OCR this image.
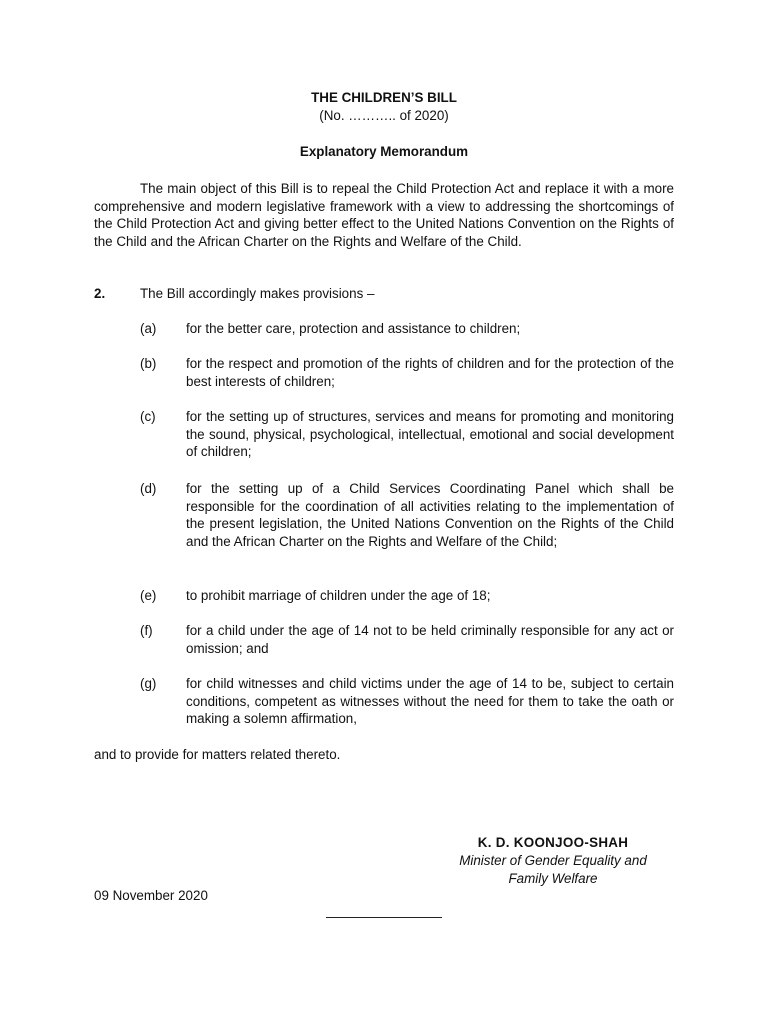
THE CHILDREN’S BILL
(No. ……….. of 2020)
Explanatory Memorandum
The main object of this Bill is to repeal the Child Protection Act and replace it with a more comprehensive and modern legislative framework with a view to addressing the shortcomings of the Child Protection Act and giving better effect to the United Nations Convention on the Rights of the Child and the African Charter on the Rights and Welfare of the Child.
2.	The Bill accordingly makes provisions –
(a) for the better care, protection and assistance to children;
(b) for the respect and promotion of the rights of children and for the protection of the best interests of children;
(c) for the setting up of structures, services and means for promoting and monitoring the sound, physical, psychological, intellectual, emotional and social development of children;
(d) for the setting up of a Child Services Coordinating Panel which shall be responsible for the coordination of all activities relating to the implementation of the present legislation, the United Nations Convention on the Rights of the Child and the African Charter on the Rights and Welfare of the Child;
(e) to prohibit marriage of children under the age of 18;
(f) for a child under the age of 14 not to be held criminally responsible for any act or omission; and
(g) for child witnesses and child victims under the age of 14 to be, subject to certain conditions, competent as witnesses without the need for them to take the oath or making a solemn affirmation,
and to provide for matters related thereto.
K. D. KOONJOO-SHAH
Minister of Gender Equality and
Family Welfare
09 November 2020
